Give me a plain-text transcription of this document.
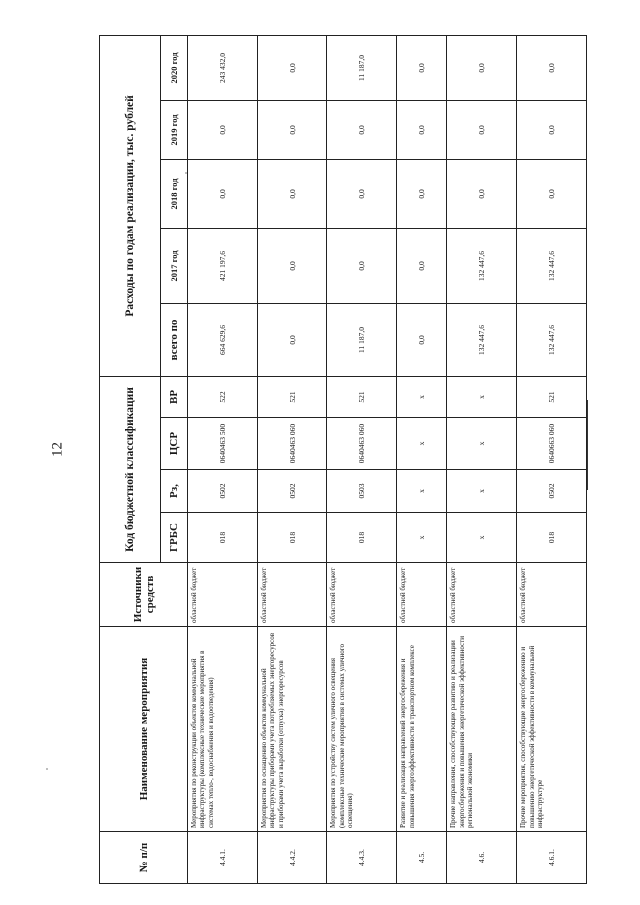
12
№ п/п	Наименование мероприятия	Источники средств	Код бюджетной классификации				Расходы по годам реализации, тыс. рублей				
			ГРБС	Рз,	ЦСР	ВР	всего по	2017 год	2018 год	2019 год	2020 год
4.4.1.	Мероприятия по реконструкции объектов коммунальной инфраструктуры (комплексные технические мероприятия в системах тепло-, водоснабжения и водоотведения)	областной бюджет	018	0502	0640463 500	522	664 629,6	421 197,6	0,0	0,0	243 432,0
4.4.2.	Мероприятия по оснащению объектов коммунальной инфраструктуры приборами учета потребляемых энергоресурсов и приборами учета выработки (отпуска) энергоресурсов	областной бюджет	018	0502	0640463 060	521	0,0	0,0	0,0	0,0	0,0
4.4.3.	Мероприятия по устройству систем уличного освещения (комплексные технические мероприятия в системах уличного освещения)	областной бюджет	018	0503	0640463 060	521	11 187,0	0,0	0,0	0,0	11 187,0
4.5.	Развитие и реализация направлений энергосбережения и повышения энергоэффективности в транспортном комплексе	областной бюджет	x	x	x	x	0,0	0,0	0,0	0,0	0,0
4.6.	Прочие направления, способствующие развитию и реализации энергосбережения и повышения энергетической эффективности региональной экономики	областной бюджет	x	x	x	x	132 447,6	132 447,6	0,0	0,0	0,0
4.6.1.	Прочие мероприятия, способствующие энергосбережению и повышению энергетической эффективности в коммунальной инфраструктуре	областной бюджет	018	0502	0640663 060	521	132 447,6	132 447,6	0,0	0,0	0,0
